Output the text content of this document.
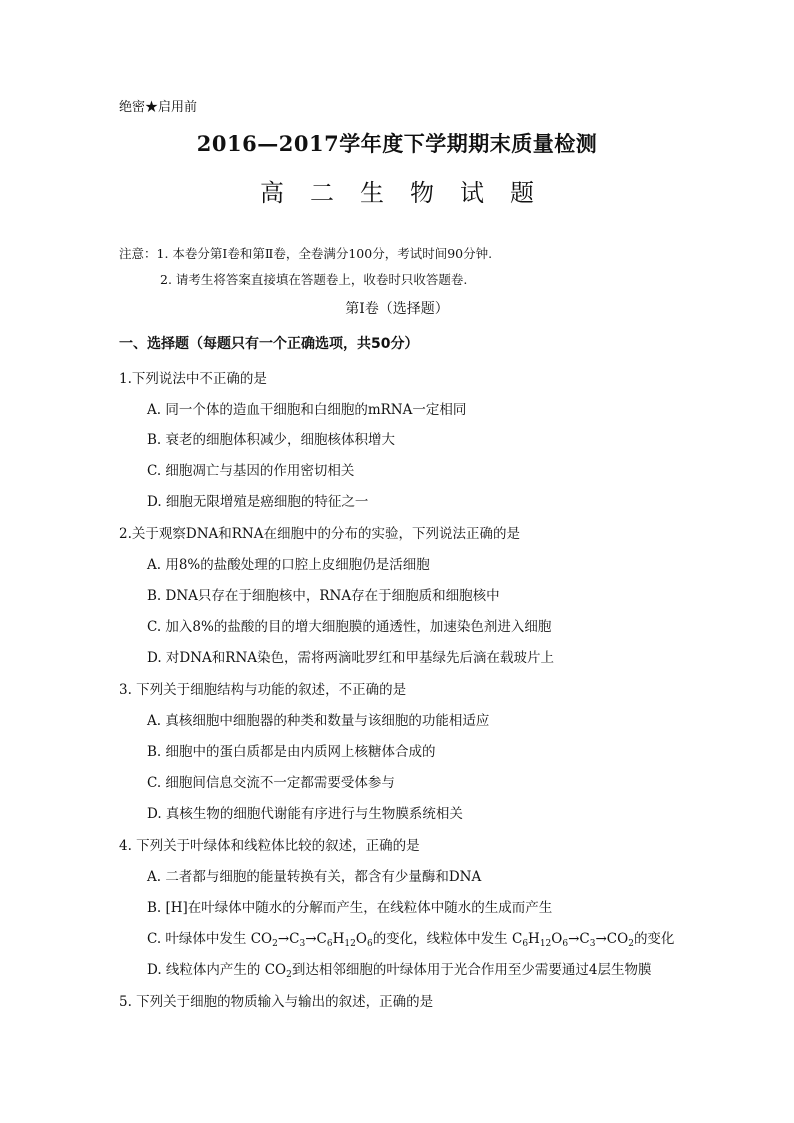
绝密★启用前
2016—2017学年度下学期期末质量检测
高 二 生 物 试 题
注意：1. 本卷分第Ⅰ卷和第Ⅱ卷，全卷满分100分，考试时间90分钟.
2. 请考生将答案直接填在答题卷上，收卷时只收答题卷.
第Ⅰ卷（选择题）
一、选择题（每题只有一个正确选项，共50分）
1.下列说法中不正确的是
A. 同一个体的造血干细胞和白细胞的mRNA一定相同
B. 衰老的细胞体积减少，细胞核体积增大
C. 细胞凋亡与基因的作用密切相关
D. 细胞无限增殖是癌细胞的特征之一
2.关于观察DNA和RNA在细胞中的分布的实验，下列说法正确的是
A. 用8%的盐酸处理的口腔上皮细胞仍是活细胞
B. DNA只存在于细胞核中，RNA存在于细胞质和细胞核中
C. 加入8%的盐酸的目的增大细胞膜的通透性，加速染色剂进入细胞
D. 对DNA和RNA染色，需将两滴吡罗红和甲基绿先后滴在载玻片上
3. 下列关于细胞结构与功能的叙述，不正确的是
A. 真核细胞中细胞器的种类和数量与该细胞的功能相适应
B. 细胞中的蛋白质都是由内质网上核糖体合成的
C. 细胞间信息交流不一定都需要受体参与
D. 真核生物的细胞代谢能有序进行与生物膜系统相关
4. 下列关于叶绿体和线粒体比较的叙述，正确的是
A. 二者都与细胞的能量转换有关，都含有少量酶和DNA
B. [H]在叶绿体中随水的分解而产生，在线粒体中随水的生成而产生
C. 叶绿体中发生 $CO_2\to C_3\to C_6H_{12}O_6$的变化，线粒体中发生 $C_6H_{12}O_6\to C_3\to CO_2$的变化
D. 线粒体内产生的 $CO_2$到达相邻细胞的叶绿体用于光合作用至少需要通过4层生物膜
5. 下列关于细胞的物质输入与输出的叙述，正确的是
